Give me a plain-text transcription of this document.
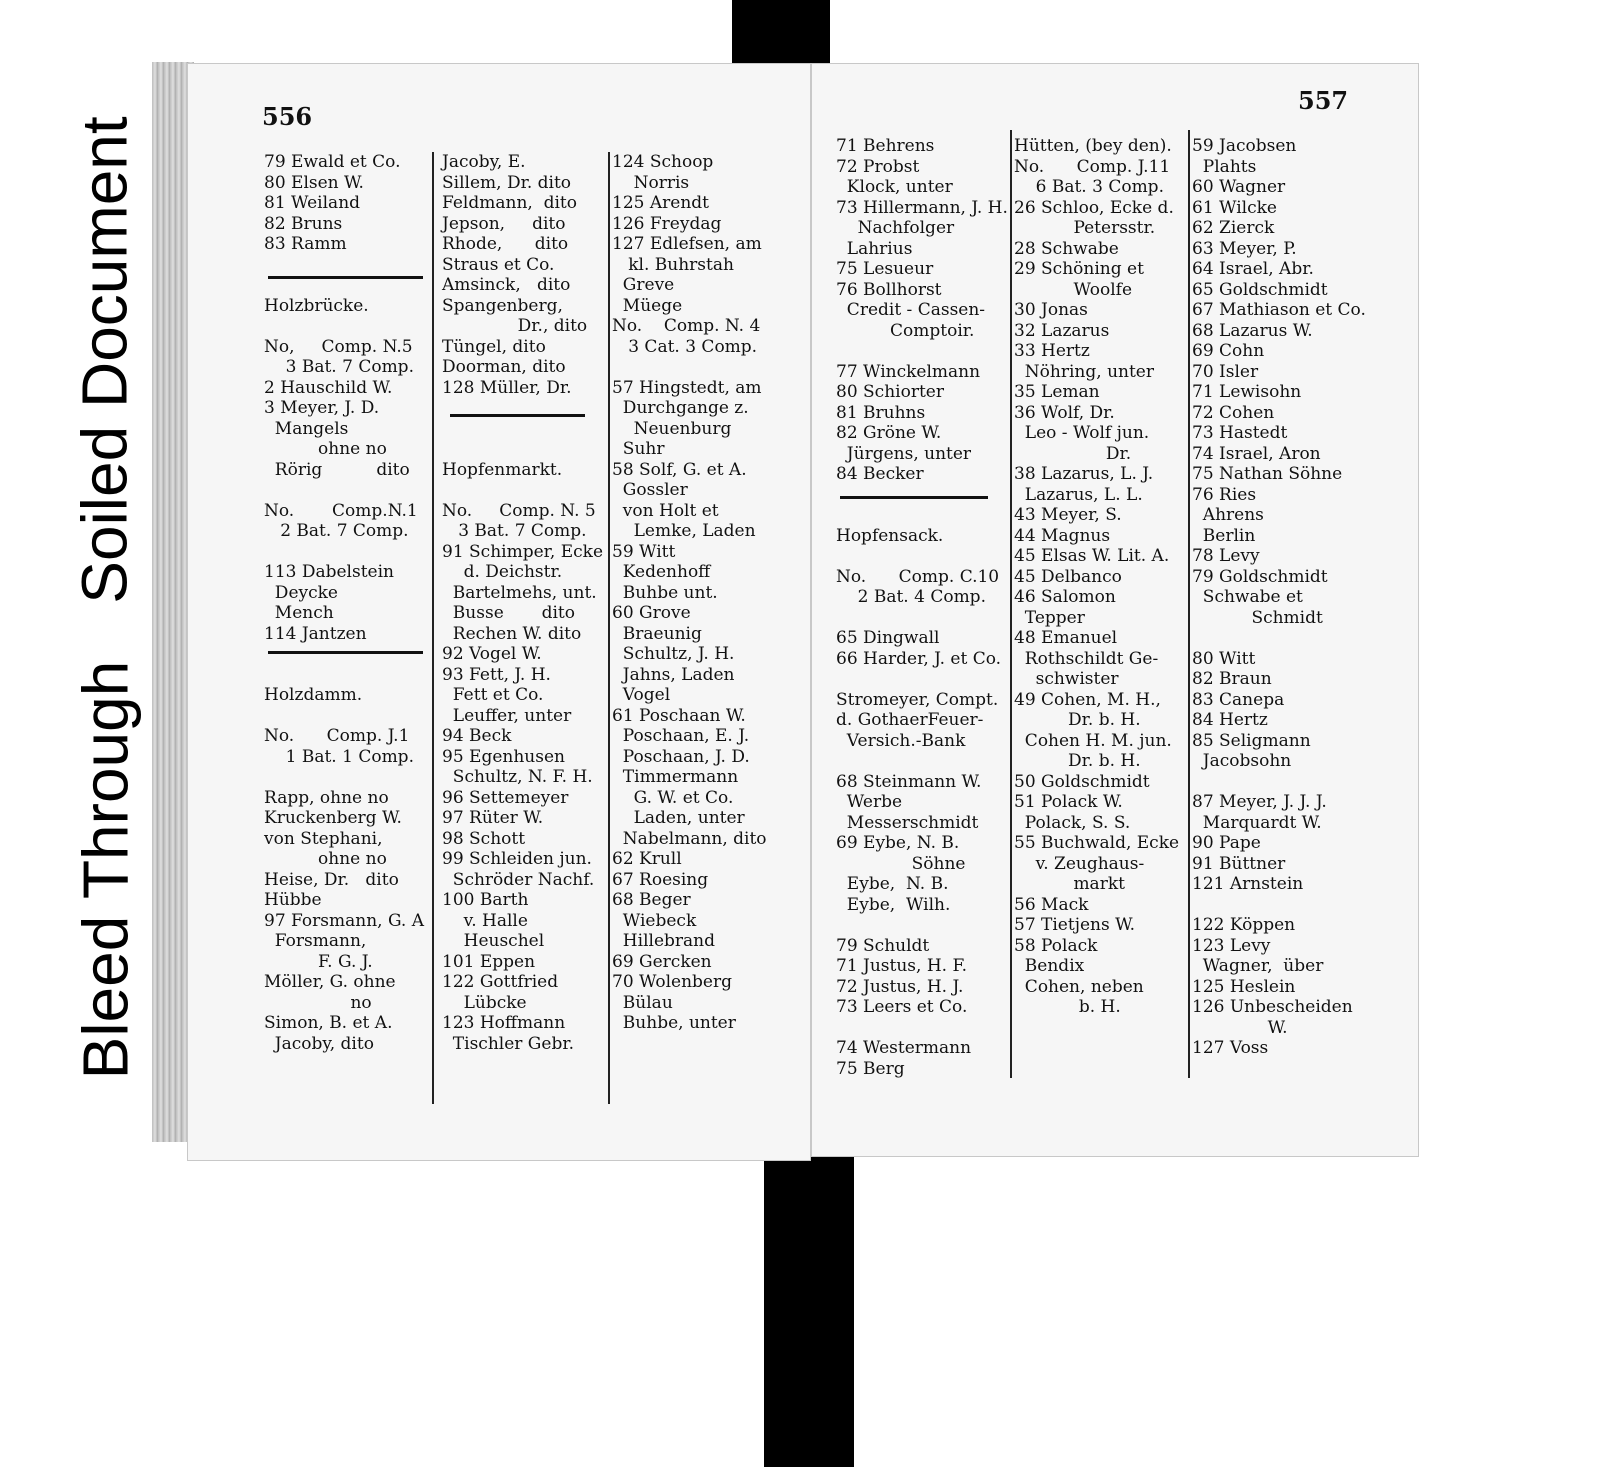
Soiled Document
Bleed Through
556
79 Ewald et Co.
80 Elsen W.
81 Weiland
82 Bruns
83 Ramm
Holzbrücke.
No,     Comp. N.5
3 Bat. 7 Comp.
2 Hauschild W.
3 Meyer, J. D.
Mangels
ohne no
Rörig          dito
No.       Comp.N.1
2 Bat. 7 Comp.
113 Dabelstein
Deycke
Mench
114 Jantzen
Holzdamm.
No.      Comp. J.1
1 Bat. 1 Comp.
Rapp, ohne no
Kruckenberg W.
von Stephani,
ohne no
Heise, Dr.   dito
Hübbe
97 Forsmann, G. A
Forsmann,
F. G. J.
Möller, G. ohne
no
Simon, B. et A.
Jacoby, dito
Jacoby, E.
Sillem, Dr. dito
Feldmann,  dito
Jepson,     dito
Rhode,      dito
Straus et Co.
Amsinck,   dito
Spangenberg,
Dr., dito
Tüngel, dito
Doorman, dito
128 Müller, Dr.
Hopfenmarkt.
No.     Comp. N. 5
3 Bat. 7 Comp.
91 Schimper, Ecke
d. Deichstr.
Bartelmehs, unt.
Busse       dito
Rechen W. dito
92 Vogel W.
93 Fett, J. H.
Fett et Co.
Leuffer, unter
94 Beck
95 Egenhusen
Schultz, N. F. H.
96 Settemeyer
97 Rüter W.
98 Schott
99 Schleiden jun.
Schröder Nachf.
100 Barth
v. Halle
Heuschel
101 Eppen
122 Gottfried
Lübcke
123 Hoffmann
Tischler Gebr.
124 Schoop
Norris
125 Arendt
126 Freydag
127 Edlefsen, am
kl. Buhrstah
Greve
Müege
No.    Comp. N. 4
3 Cat. 3 Comp.
57 Hingstedt, am
Durchgange z.
Neuenburg
Suhr
58 Solf, G. et A.
Gossler
von Holt et
Lemke, Laden
59 Witt
Kedenhoff
Buhbe unt.
60 Grove
Braeunig
Schultz, J. H.
Jahns, Laden
Vogel
61 Poschaan W.
Poschaan, E. J.
Poschaan, J. D.
Timmermann
G. W. et Co.
Laden, unter
Nabelmann, dito
62 Krull
67 Roesing
68 Beger
Wiebeck
Hillebrand
69 Gercken
70 Wolenberg
Bülau
Buhbe, unter
557
71 Behrens
72 Probst
Klock, unter
73 Hillermann, J. H.
Nachfolger
Lahrius
75 Lesueur
76 Bollhorst
Credit - Cassen-
Comptoir.
77 Winckelmann
80 Schiorter
81 Bruhns
82 Gröne W.
Jürgens, unter
84 Becker
Hopfensack.
No.      Comp. C.10
2 Bat. 4 Comp.
65 Dingwall
66 Harder, J. et Co.
Stromeyer, Compt.
d. GothaerFeuer-
Versich.-Bank
68 Steinmann W.
Werbe
Messerschmidt
69 Eybe, N. B.
Söhne
Eybe,  N. B.
Eybe,  Wilh.
79 Schuldt
71 Justus, H. F.
72 Justus, H. J.
73 Leers et Co.
74 Westermann
75 Berg
Hütten, (bey den).
No.      Comp. J.11
6 Bat. 3 Comp.
26 Schloo, Ecke d.
Petersstr.
28 Schwabe
29 Schöning et
Woolfe
30 Jonas
32 Lazarus
33 Hertz
Nöhring, unter
35 Leman
36 Wolf, Dr.
Leo - Wolf jun.
Dr.
38 Lazarus, L. J.
Lazarus, L. L.
43 Meyer, S.
44 Magnus
45 Elsas W. Lit. A.
45 Delbanco
46 Salomon
Tepper
48 Emanuel
Rothschildt Ge-
schwister
49 Cohen, M. H.,
Dr. b. H.
Cohen H. M. jun.
Dr. b. H.
50 Goldschmidt
51 Polack W.
Polack, S. S.
55 Buchwald, Ecke
v. Zeughaus-
markt
56 Mack
57 Tietjens W.
58 Polack
Bendix
Cohen, neben
b. H.
59 Jacobsen
Plahts
60 Wagner
61 Wilcke
62 Zierck
63 Meyer, P.
64 Israel, Abr.
65 Goldschmidt
67 Mathiason et Co.
68 Lazarus W.
69 Cohn
70 Isler
71 Lewisohn
72 Cohen
73 Hastedt
74 Israel, Aron
75 Nathan Söhne
76 Ries
Ahrens
Berlin
78 Levy
79 Goldschmidt
Schwabe et
Schmidt
80 Witt
82 Braun
83 Canepa
84 Hertz
85 Seligmann
Jacobsohn
87 Meyer, J. J. J.
Marquardt W.
90 Pape
91 Büttner
121 Arnstein
122 Köppen
123 Levy
Wagner,  über
125 Heslein
126 Unbescheiden
W.
127 Voss
